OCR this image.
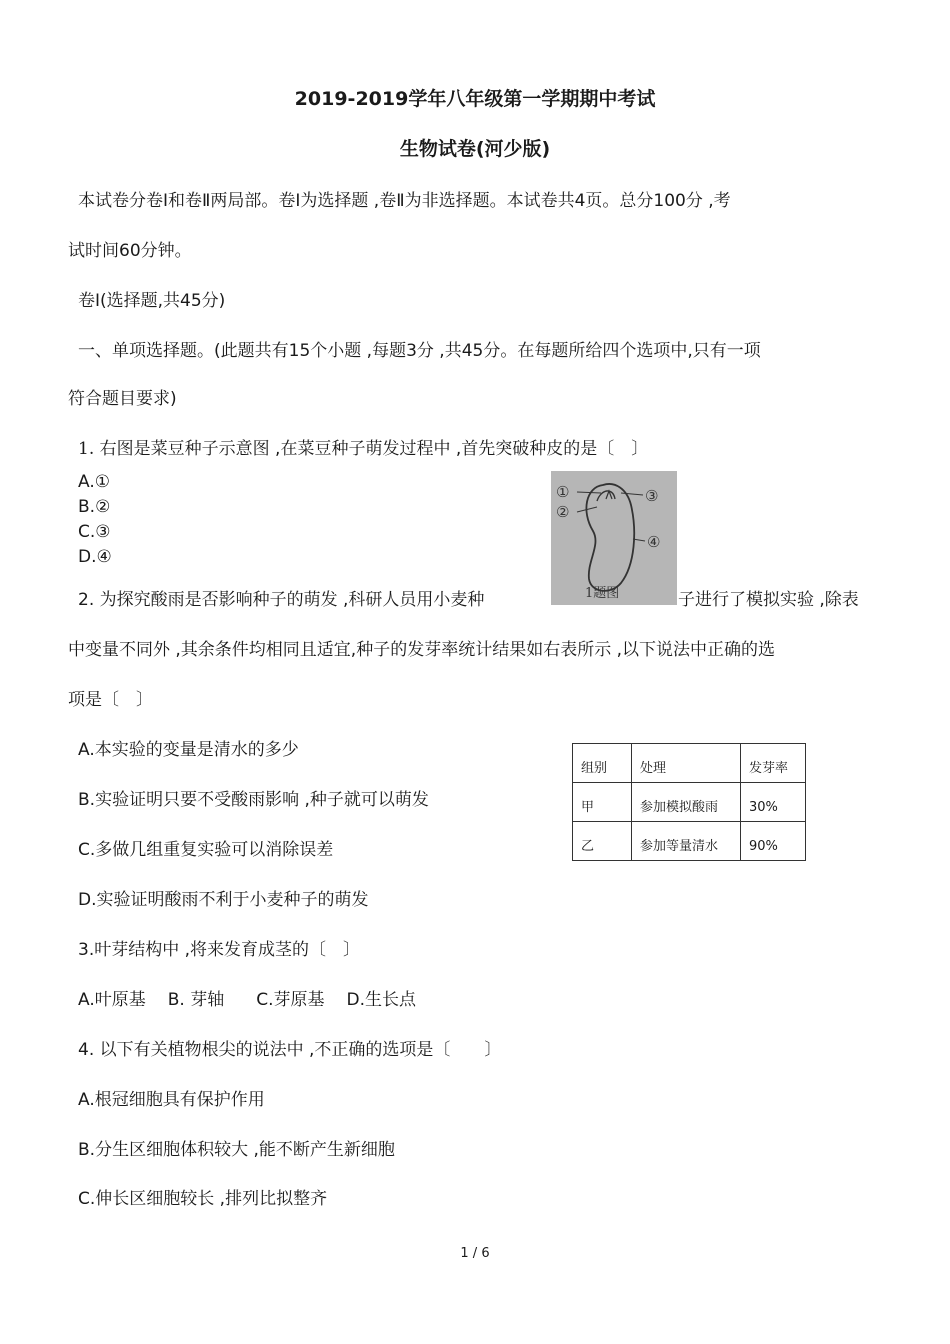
2019-2019学年八年级第一学期期中考试
生物试卷(河少版)
本试卷分卷Ⅰ和卷Ⅱ两局部。卷Ⅰ为选择题 ,卷Ⅱ为非选择题。本试卷共4页。总分100分 ,考
试时间60分钟。
卷Ⅰ(选择题,共45分)
一、单项选择题。(此题共有15个小题 ,每题3分 ,共45分。在每题所给四个选项中,只有一项
符合题目要求)
1. 右图是菜豆种子示意图 ,在菜豆种子萌发过程中 ,首先突破种皮的是〔　〕
A.①
B.②
C.③
D.④
①
②
③
④
1题图
2. 为探究酸雨是否影响种子的萌发 ,科研人员用小麦种	子进行了模拟实验 ,除表
中变量不同外 ,其余条件均相同且适宜,种子的发芽率统计结果如右表所示 ,以下说法中正确的选
项是〔　〕
A.本实验的变量是清水的多少
B.实验证明只要不受酸雨影响 ,种子就可以萌发
C.多做几组重复实验可以消除误差
D.实验证明酸雨不利于小麦种子的萌发
组别	处理	发芽率
甲	参加模拟酸雨	30%
乙	参加等量清水	90%
3.叶芽结构中 ,将来发育成茎的〔　〕
A.叶原基 B. 芽轴 C.芽原基 D.生长点
4. 以下有关植物根尖的说法中 ,不正确的选项是〔　　〕
A.根冠细胞具有保护作用
B.分生区细胞体积较大 ,能不断产生新细胞
C.伸长区细胞较长 ,排列比拟整齐
1 / 6
